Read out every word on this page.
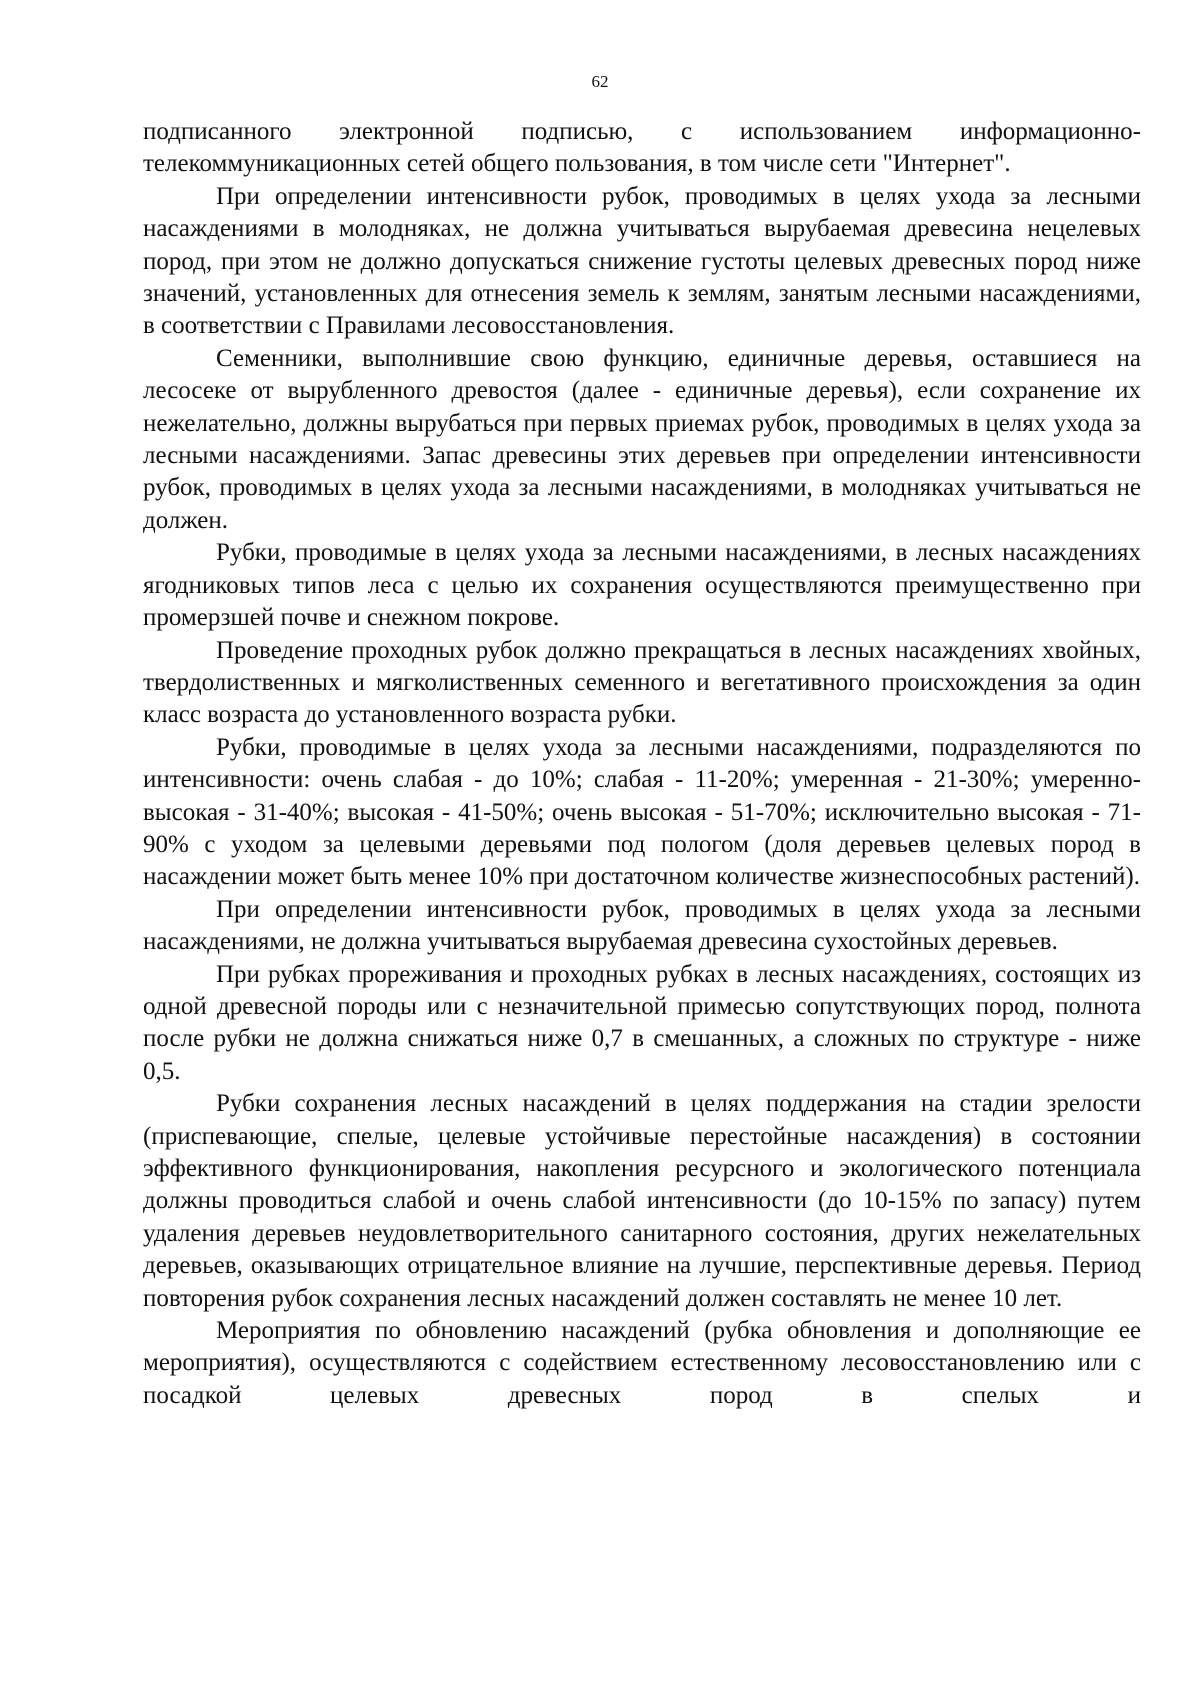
62

подписанного электронной подписью, с использованием информационно-телекоммуникационных сетей общего пользования, в том числе сети "Интернет".

При определении интенсивности рубок, проводимых в целях ухода за лесными насаждениями в молодняках, не должна учитываться вырубаемая древесина нецелевых пород, при этом не должно допускаться снижение густоты целевых древесных пород ниже значений, установленных для отнесения земель к землям, занятым лесными насаждениями, в соответствии с Правилами лесовосстановления.

Семенники, выполнившие свою функцию, единичные деревья, оставшиеся на лесосеке от вырубленного древостоя (далее - единичные деревья), если сохранение их нежелательно, должны вырубаться при первых приемах рубок, проводимых в целях ухода за лесными насаждениями. Запас древесины этих деревьев при определении интенсивности рубок, проводимых в целях ухода за лесными насаждениями, в молодняках учитываться не должен.

Рубки, проводимые в целях ухода за лесными насаждениями, в лесных насаждениях ягодниковых типов леса с целью их сохранения осуществляются преимущественно при промерзшей почве и снежном покрове.

Проведение проходных рубок должно прекращаться в лесных насаждениях хвойных, твердолиственных и мягколиственных семенного и вегетативного происхождения за один класс возраста до установленного возраста рубки.

Рубки, проводимые в целях ухода за лесными насаждениями, подразделяются по интенсивности: очень слабая - до 10%; слабая - 11-20%; умеренная - 21-30%; умеренно-высокая - 31-40%; высокая - 41-50%; очень высокая - 51-70%; исключительно высокая - 71-90% с уходом за целевыми деревьями под пологом (доля деревьев целевых пород в насаждении может быть менее 10% при достаточном количестве жизнеспособных растений).

При определении интенсивности рубок, проводимых в целях ухода за лесными насаждениями, не должна учитываться вырубаемая древесина сухостойных деревьев.

При рубках прореживания и проходных рубках в лесных насаждениях, состоящих из одной древесной породы или с незначительной примесью сопутствующих пород, полнота после рубки не должна снижаться ниже 0,7 в смешанных, а сложных по структуре - ниже 0,5.

Рубки сохранения лесных насаждений в целях поддержания на стадии зрелости (приспевающие, спелые, целевые устойчивые перестойные насаждения) в состоянии эффективного функционирования, накопления ресурсного и экологического потенциала должны проводиться слабой и очень слабой интенсивности (до 10-15% по запасу) путем удаления деревьев неудовлетворительного санитарного состояния, других нежелательных деревьев, оказывающих отрицательное влияние на лучшие, перспективные деревья. Период повторения рубок сохранения лесных насаждений должен составлять не менее 10 лет.

Мероприятия по обновлению насаждений (рубка обновления и дополняющие ее мероприятия), осуществляются с содействием естественному лесовосстановлению или с посадкой целевых древесных пород в спелых и
